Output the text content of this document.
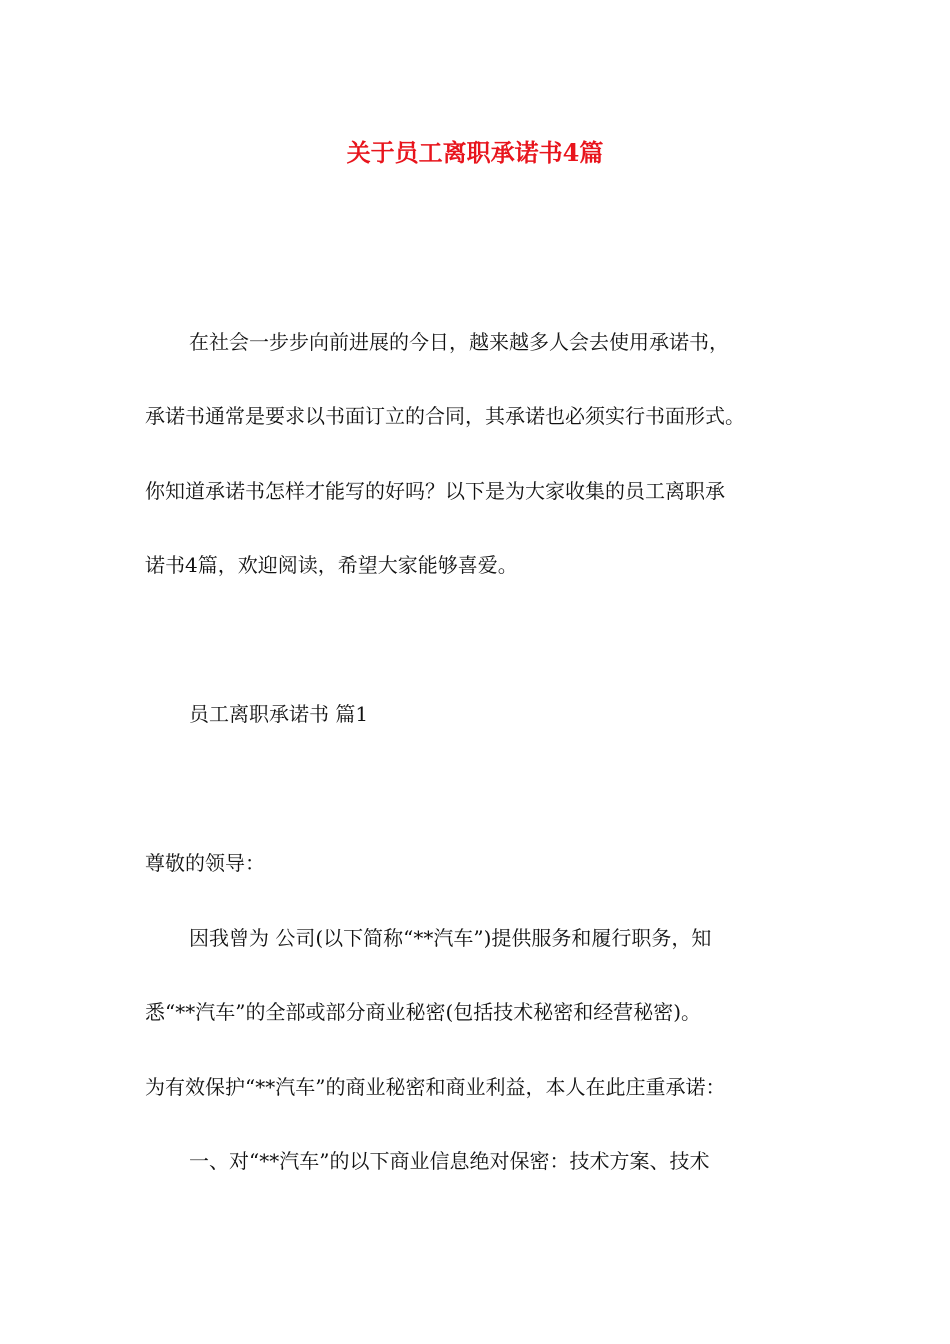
关于员工离职承诺书4篇
在社会一步步向前进展的今日，越来越多人会去使用承诺书，
承诺书通常是要求以书面订立的合同，其承诺也必须实行书面形式。
你知道承诺书怎样才能写的好吗？以下是为大家收集的员工离职承
诺书4篇，欢迎阅读，希望大家能够喜爱。
员工离职承诺书 篇1
尊敬的领导：
因我曾为 公司(以下简称“**汽车”)提供服务和履行职务，知
悉“**汽车”的全部或部分商业秘密(包括技术秘密和经营秘密)。
为有效保护“**汽车”的商业秘密和商业利益，本人在此庄重承诺：
一、对“**汽车”的以下商业信息绝对保密：技术方案、技术
